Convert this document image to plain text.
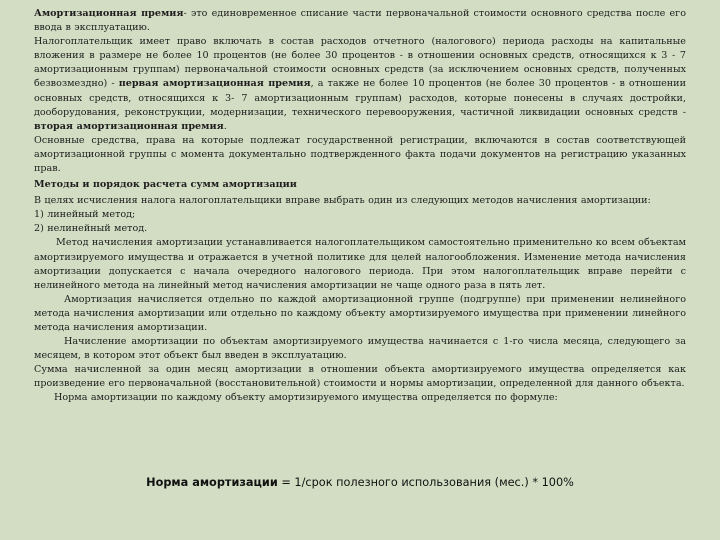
Амортизационная премия- это единовременное списание части первоначальной стоимости основного средства после его ввода в эксплуатацию.

Налогоплательщик имеет право включать в состав расходов отчетного (налогового) периода расходы на капитальные вложения в размере не более 10 процентов (не более 30 процентов - в отношении основных средств, относящихся к 3 - 7 амортизационным группам) первоначальной стоимости основных средств (за исключением основных средств, полученных безвозмездно) - первая амортизационная премия, а также не более 10 процентов (не более 30 процентов - в отношении основных средств, относящихся к 3- 7 амортизационным группам) расходов, которые понесены в случаях достройки, дооборудования, реконструкции, модернизации, технического перевооружения, частичной ликвидации основных средств - вторая амортизационная премия.

Основные средства, права на которые подлежат государственной регистрации, включаются в состав соответствующей амортизационной группы с момента документально подтвержденного факта подачи документов на регистрацию указанных прав.

Методы и порядок расчета сумм амортизации

В целях исчисления налога налогоплательщики вправе выбрать один из следующих методов начисления амортизации:

1) линейный метод;

2) нелинейный метод.

Метод начисления амортизации устанавливается налогоплательщиком самостоятельно применительно ко всем объектам амортизируемого имущества и отражается в учетной политике для целей налогообложения. Изменение метода начисления амортизации допускается с начала очередного налогового периода. При этом налогоплательщик вправе перейти с нелинейного метода на линейный метод начисления амортизации не чаще одного раза в пять лет.

Амортизация начисляется отдельно по каждой амортизационной группе (подгруппе) при применении нелинейного метода начисления амортизации или отдельно по каждому объекту амортизируемого имущества при применении линейного метода начисления амортизации.

Начисление амортизации по объектам амортизируемого имущества начинается с 1-го числа месяца, следующего за месяцем, в котором этот объект был введен в эксплуатацию.

Сумма начисленной за один месяц амортизации в отношении объекта амортизируемого имущества определяется как произведение его первоначальной (восстановительной) стоимости и нормы амортизации, определенной для данного объекта.

Норма амортизации по каждому объекту амортизируемого имущества определяется по формуле:

Норма амортизации = 1/срок полезного использования (мес.) * 100%
